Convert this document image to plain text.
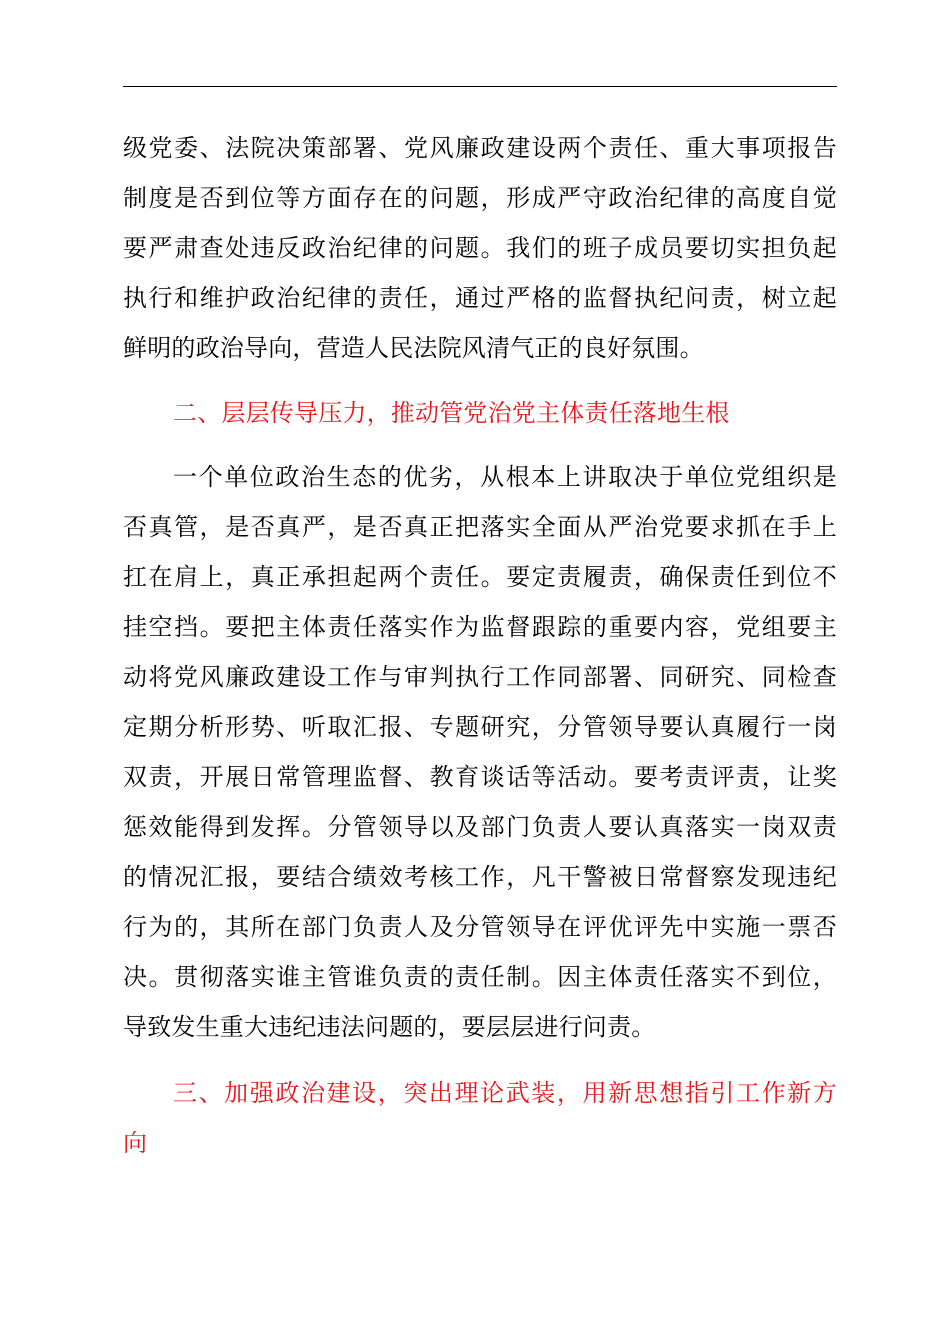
级党委、法院决策部署、党风廉政建设两个责任、重大事项报告
制度是否到位等方面存在的问题，形成严守政治纪律的高度自觉
要严肃查处违反政治纪律的问题。我们的班子成员要切实担负起
执行和维护政治纪律的责任，通过严格的监督执纪问责，树立起
鲜明的政治导向，营造人民法院风清气正的良好氛围。
二、层层传导压力，推动管党治党主体责任落地生根
一个单位政治生态的优劣，从根本上讲取决于单位党组织是
否真管，是否真严，是否真正把落实全面从严治党要求抓在手上
扛在肩上，真正承担起两个责任。要定责履责，确保责任到位不
挂空挡。要把主体责任落实作为监督跟踪的重要内容，党组要主
动将党风廉政建设工作与审判执行工作同部署、同研究、同检查
定期分析形势、听取汇报、专题研究，分管领导要认真履行一岗
双责，开展日常管理监督、教育谈话等活动。要考责评责，让奖
惩效能得到发挥。分管领导以及部门负责人要认真落实一岗双责
的情况汇报，要结合绩效考核工作，凡干警被日常督察发现违纪
行为的，其所在部门负责人及分管领导在评优评先中实施一票否
决。贯彻落实谁主管谁负责的责任制。因主体责任落实不到位，
导致发生重大违纪违法问题的，要层层进行问责。
三、加强政治建设，突出理论武装，用新思想指引工作新方
向
